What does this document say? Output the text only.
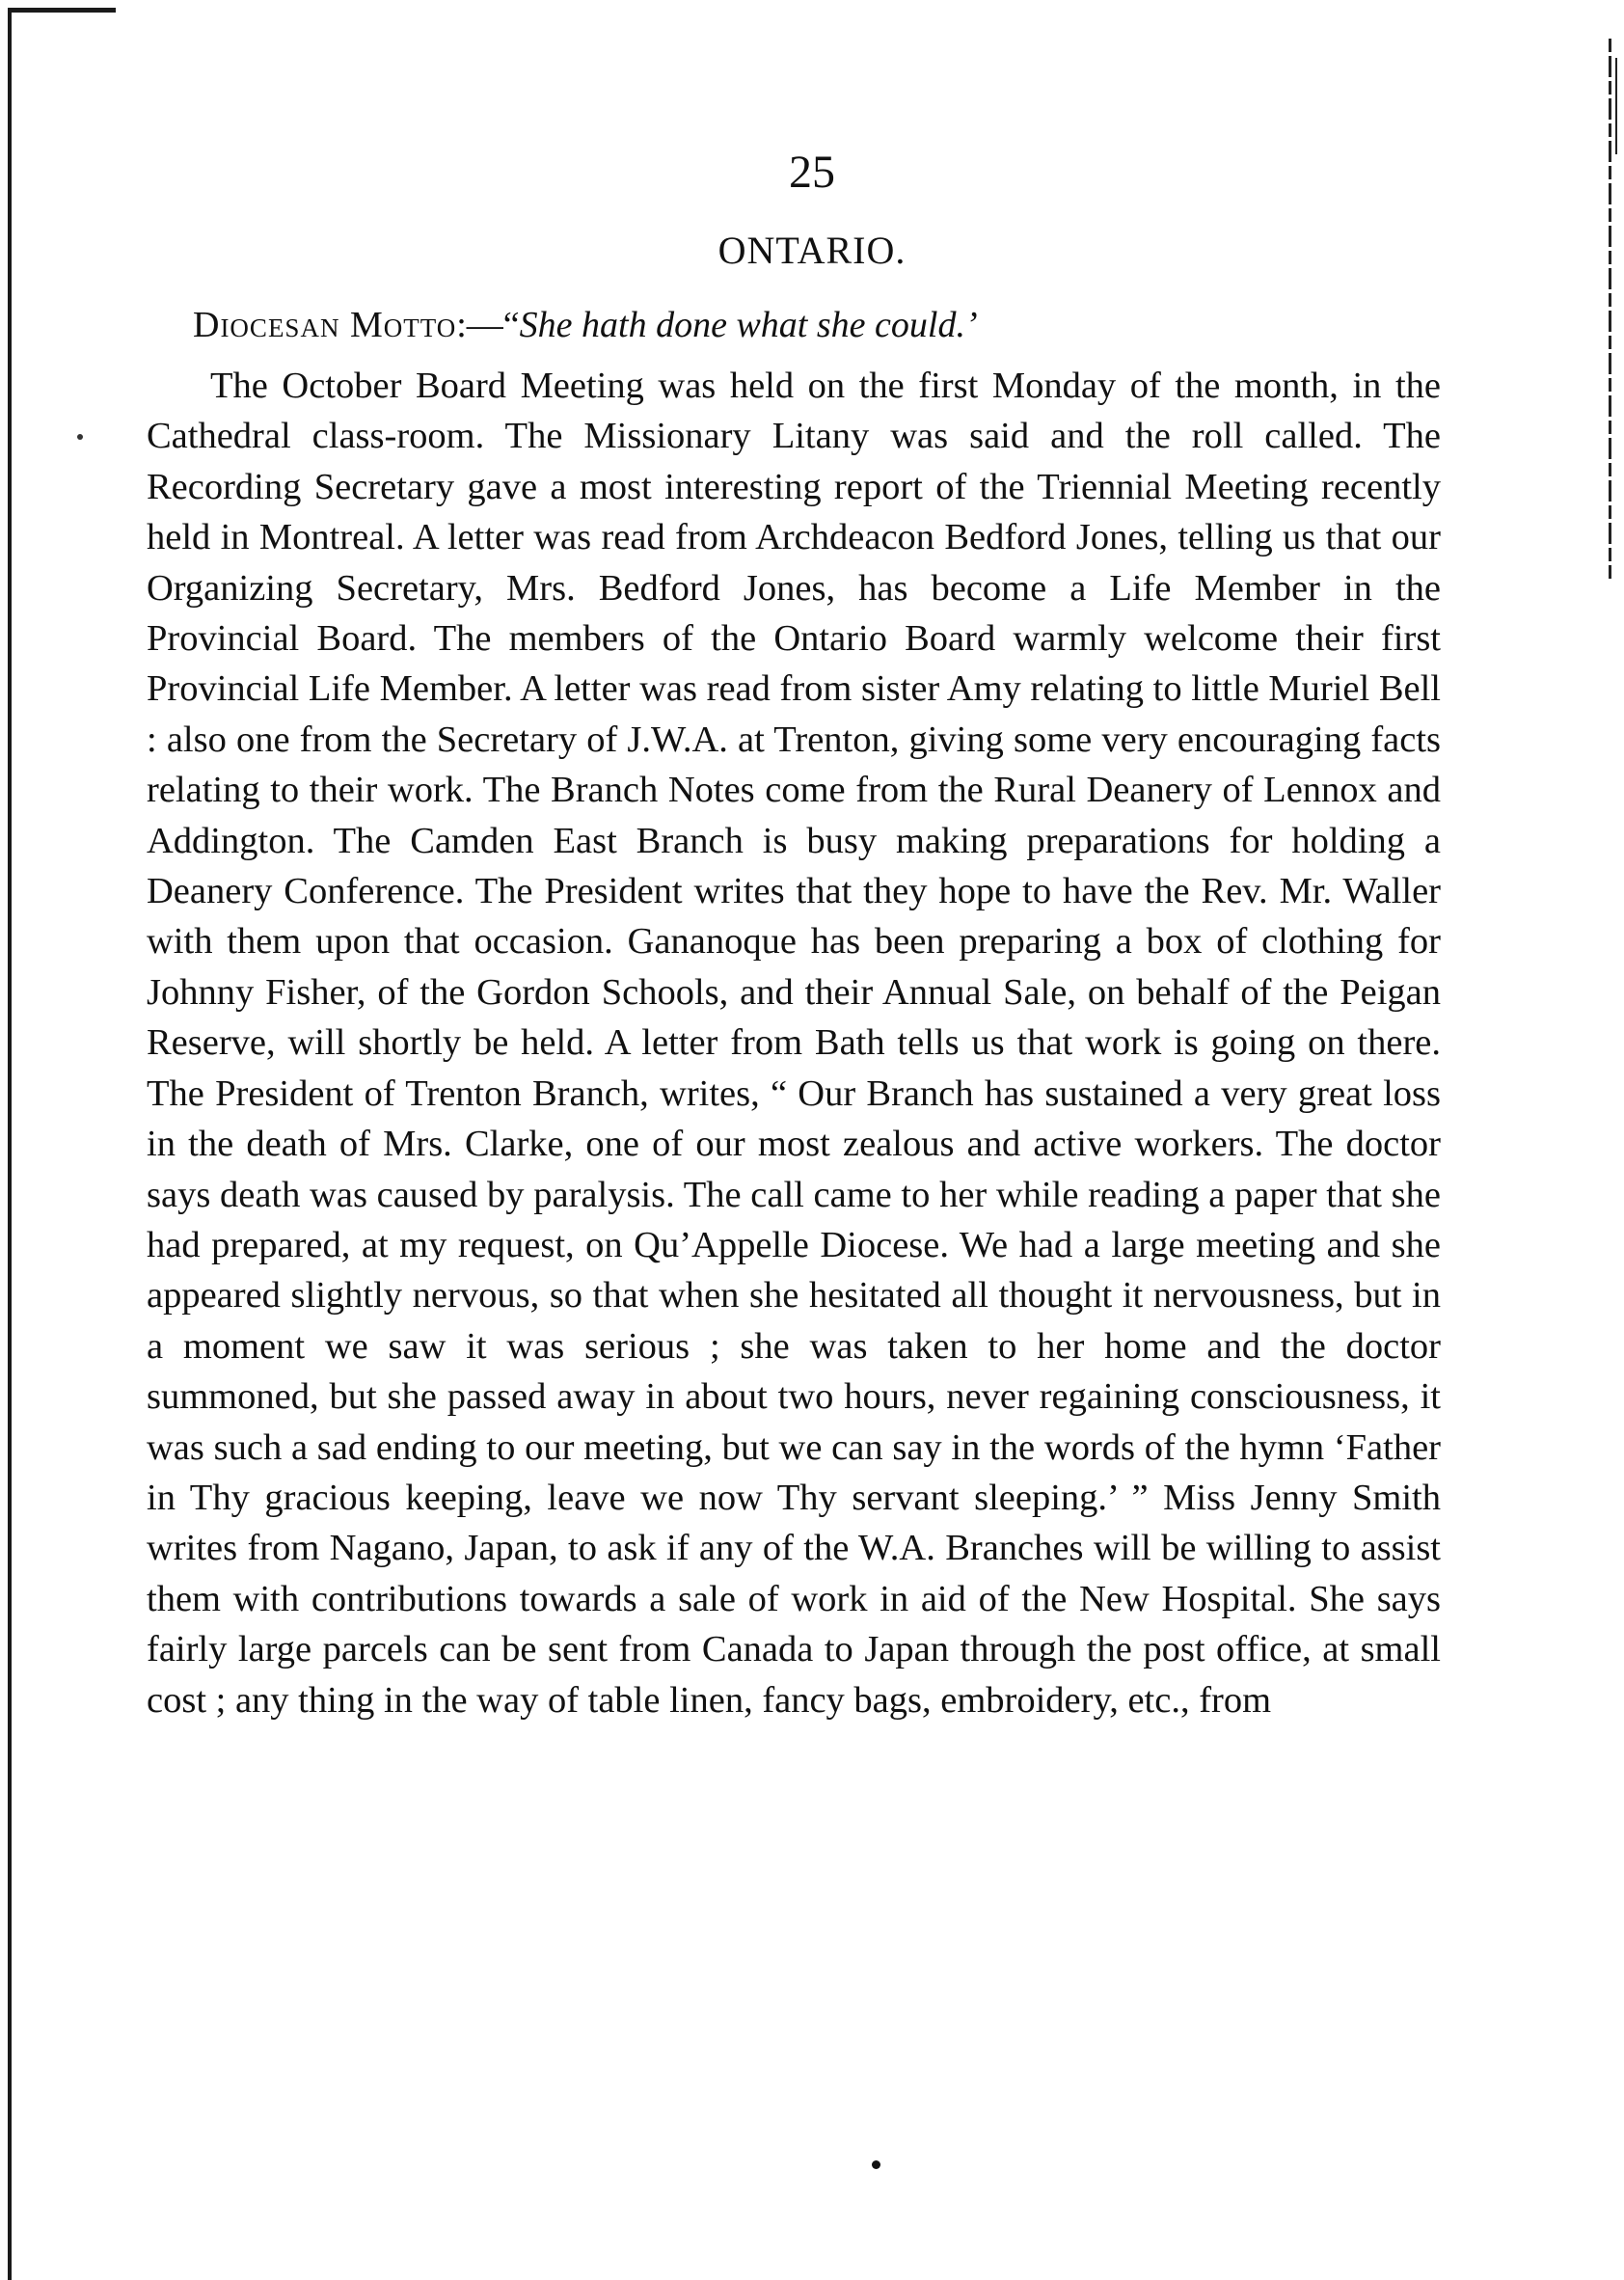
25
ONTARIO.
Diocesan Motto:—“She hath done what she could.’

The October Board Meeting was held on the first Monday of the month, in the Cathedral class-room. The Missionary Litany was said and the roll called. The Recording Secretary gave a most interesting report of the Triennial Meeting recently held in Montreal. A letter was read from Archdeacon Bedford Jones, telling us that our Organizing Secretary, Mrs. Bedford Jones, has become a Life Member in the Provincial Board. The members of the Ontario Board warmly welcome their first Provincial Life Member. A letter was read from sister Amy relating to little Muriel Bell : also one from the Secretary of J.W.A. at Trenton, giving some very encouraging facts relating to their work. The Branch Notes come from the Rural Deanery of Lennox and Addington. The Camden East Branch is busy making preparations for holding a Deanery Conference. The President writes that they hope to have the Rev. Mr. Waller with them upon that occasion. Gananoque has been preparing a box of clothing for Johnny Fisher, of the Gordon Schools, and their Annual Sale, on behalf of the Peigan Reserve, will shortly be held. A letter from Bath tells us that work is going on there. The President of Trenton Branch, writes, “ Our Branch has sustained a very great loss in the death of Mrs. Clarke, one of our most zealous and active workers. The doctor says death was caused by paralysis. The call came to her while reading a paper that she had prepared, at my request, on Qu’Appelle Diocese. We had a large meeting and she appeared slightly nervous, so that when she hesitated all thought it nervousness, but in a moment we saw it was serious ; she was taken to her home and the doctor summoned, but she passed away in about two hours, never regaining consciousness, it was such a sad ending to our meeting, but we can say in the words of the hymn ‘Father in Thy gracious keeping, leave we now Thy servant sleeping.’ ” Miss Jenny Smith writes from Nagano, Japan, to ask if any of the W.A. Branches will be willing to assist them with contributions towards a sale of work in aid of the New Hospital. She says fairly large parcels can be sent from Canada to Japan through the post office, at small cost ; any thing in the way of table linen, fancy bags, embroidery, etc., from
